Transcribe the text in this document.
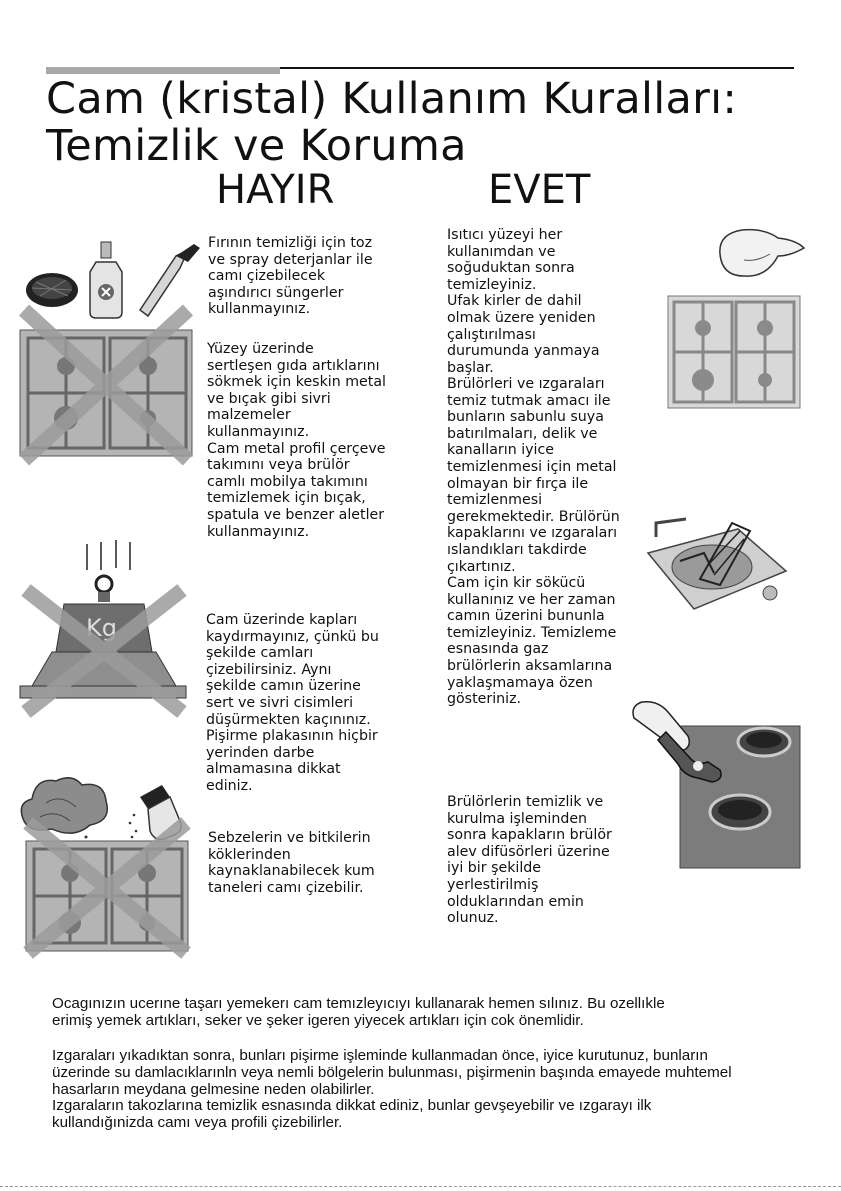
Cam (kristal) Kullanım Kuralları:
Temizlik ve Koruma
HAYIR	EVET
Fırının temizliği için toz
ve spray deterjanlar ile
camı çizebilecek
aşındırıcı süngerler
kullanmayınız.
Yüzey üzerinde
sertleşen gıda artıklarını
sökmek için keskin metal
ve bıçak gibi sivri
malzemeler
kullanmayınız.
Cam metal profil çerçeve
takımını veya brülör
camlı mobilya takımını
temizlemek için bıçak,
spatula ve benzer aletler
kullanmayınız.
Cam üzerinde kapları
kaydırmayınız, çünkü bu
şekilde camları
çizebilirsiniz. Aynı
şekilde camın üzerine
sert ve sivri cisimleri
düşürmekten kaçınınız.
Pişirme plakasının hiçbir
yerinden darbe
almamasına dikkat
ediniz.
Sebzelerin ve bitkilerin
köklerinden
kaynaklanabilecek kum
taneleri camı çizebilir.
Isıtıcı yüzeyi her
kullanımdan ve
soğuduktan sonra
temizleyiniz.
Ufak kirler de dahil
olmak üzere yeniden
çalıştırılması
durumunda yanmaya
başlar.
Brülörleri ve ızgaraları
temiz tutmak amacı ile
bunların sabunlu suya
batırılmaları, delik ve
kanalların iyice
temizlenmesi için metal
olmayan bir fırça ile
temizlenmesi
gerekmektedir. Brülörün
kapaklarını ve ızgaraları
ıslandıkları takdirde
çıkartınız.
Cam için kir sökücü
kullanınız ve her zaman
camın üzerini bununla
temizleyiniz. Temizleme
esnasında gaz
brülörlerin aksamlarına
yaklaşmamaya özen
gösteriniz.
Brülörlerin temizlik ve
kurulma işleminden
sonra kapakların brülör
alev difüsörleri üzerine
iyi bir şekilde
yerlestirilmiş
olduklarından emin
olunuz.
Kg
Ocagınızın ucerıne taşarı yemekerı cam temızleyıcıyı kullanarak hemen sılınız. Bu ozellıkle
erimiş yemek artıkları, seker ve şeker igeren yiyecek artıkları için cok önemlidir.
Izgaraları yıkadıktan sonra, bunları pişirme işleminde kullanmadan önce, iyice kurutunuz, bunların
üzerinde su damlacıklarınln veya nemli bölgelerin bulunması, pişirmenin başında emayede muhtemel
hasarların meydana gelmesine neden olabilirler.
Izgaraların takozlarına temizlik esnasında dikkat ediniz, bunlar gevşeyebilir ve ızgarayı ilk
kullandığınizda camı veya profili çizebilirler.
